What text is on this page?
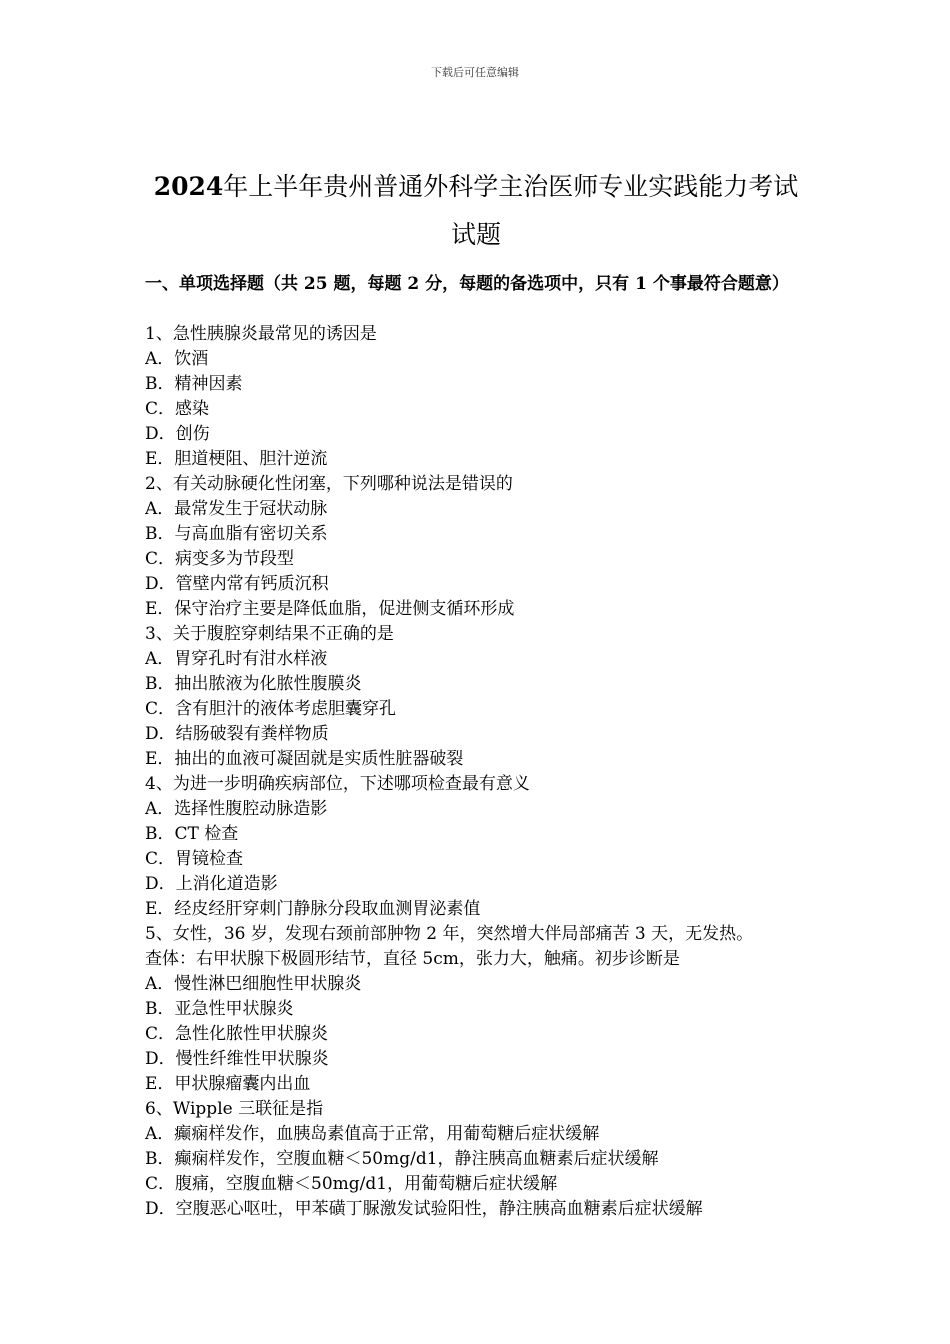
下载后可任意编辑
2024年上半年贵州普通外科学主治医师专业实践能力考试
试题
一、单项选择题（共 25 题，每题 2 分，每题的备选项中，只有 1 个事最符合题意）
1、急性胰腺炎最常见的诱因是
A．饮酒
B．精神因素
C．感染
D．创伤
E．胆道梗阻、胆汁逆流
2、有关动脉硬化性闭塞，下列哪种说法是错误的
A．最常发生于冠状动脉
B．与高血脂有密切关系
C．病变多为节段型
D．管壁内常有钙质沉积
E．保守治疗主要是降低血脂，促进侧支循环形成
3、关于腹腔穿刺结果不正确的是
A．胃穿孔时有泔水样液
B．抽出脓液为化脓性腹膜炎
C．含有胆汁的液体考虑胆囊穿孔
D．结肠破裂有粪样物质
E．抽出的血液可凝固就是实质性脏器破裂
4、为进一步明确疾病部位，下述哪项检查最有意义
A．选择性腹腔动脉造影
B．CT 检查
C．胃镜检查
D．上消化道造影
E．经皮经肝穿刺门静脉分段取血测胃泌素值
5、女性，36 岁，发现右颈前部肿物 2 年，突然增大伴局部痛苦 3 天，无发热。
查体：右甲状腺下极圆形结节，直径 5cm，张力大，触痛。初步诊断是
A．慢性淋巴细胞性甲状腺炎
B．亚急性甲状腺炎
C．急性化脓性甲状腺炎
D．慢性纤维性甲状腺炎
E．甲状腺瘤囊内出血
6、Wipple 三联征是指
A．癫痫样发作，血胰岛素值高于正常，用葡萄糖后症状缓解
B．癫痫样发作，空腹血糖＜50mg/d1，静注胰高血糖素后症状缓解
C．腹痛，空腹血糖＜50mg/d1，用葡萄糖后症状缓解
D．空腹恶心呕吐，甲苯磺丁脲激发试验阳性，静注胰高血糖素后症状缓解
